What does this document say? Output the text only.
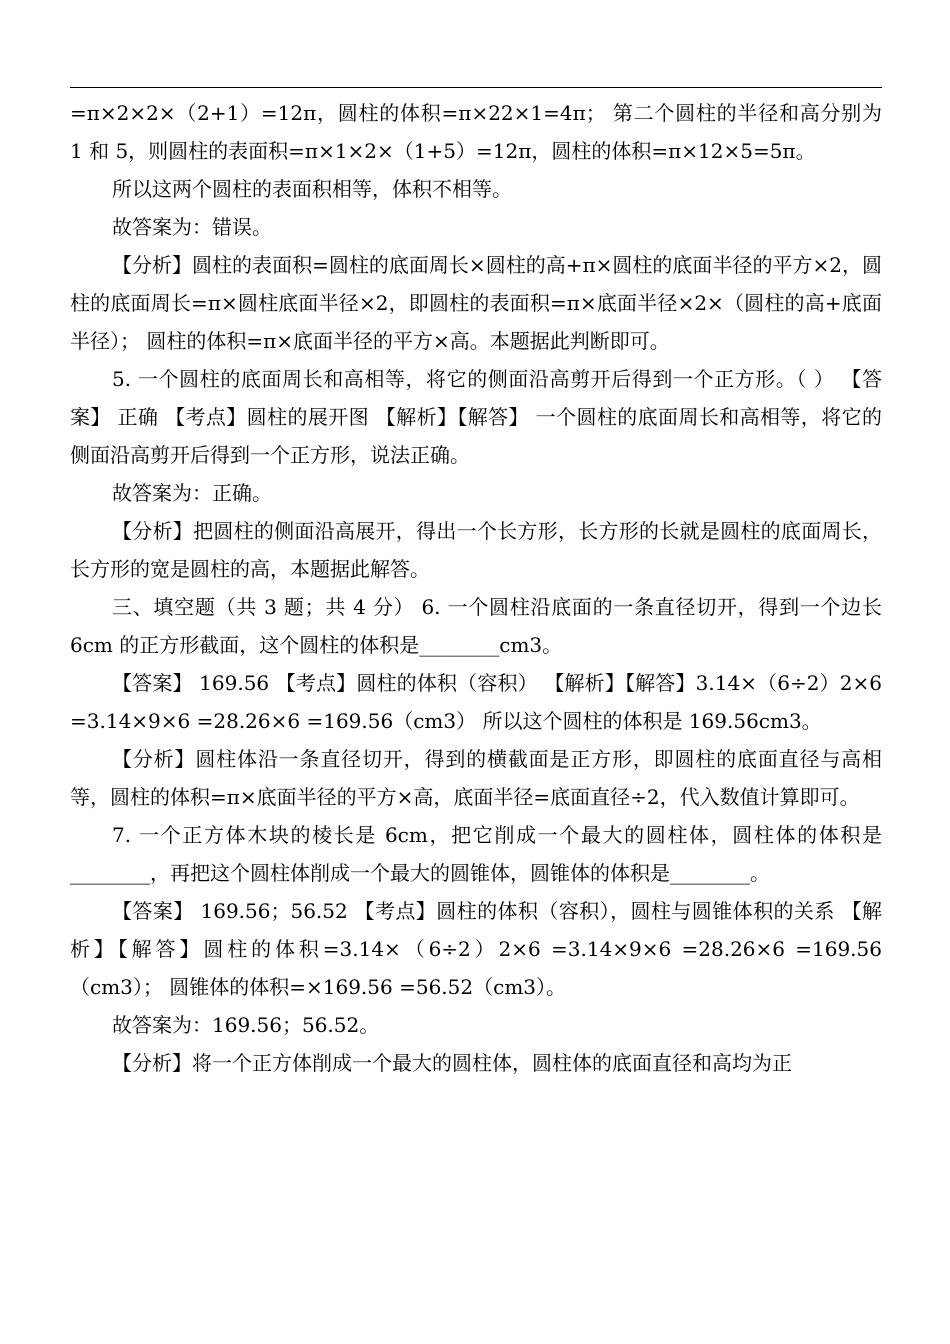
=π×2×2×（2+1）=12π，圆柱的体积=π×22×1=4π； 第二个圆柱的半径和高分别为 1 和 5，则圆柱的表面积=π×1×2×（1+5）=12π，圆柱的体积=π×12×5=5π。

所以这两个圆柱的表面积相等，体积不相等。

故答案为：错误。

【分析】圆柱的表面积=圆柱的底面周长×圆柱的高+π×圆柱的底面半径的平方×2，圆柱的底面周长=π×圆柱底面半径×2，即圆柱的表面积=π×底面半径×2×（圆柱的高+底面半径）； 圆柱的体积=π×底面半径的平方×高。本题据此判断即可。

5. 一个圆柱的底面周长和高相等，将它的侧面沿高剪开后得到一个正方形。（ ） 【答案】 正确 【考点】圆柱的展开图 【解析】【解答】 一个圆柱的底面周长和高相等，将它的侧面沿高剪开后得到一个正方形，说法正确。

故答案为：正确。

【分析】把圆柱的侧面沿高展开，得出一个长方形，长方形的长就是圆柱的底面周长，长方形的宽是圆柱的高，本题据此解答。

三、填空题（共 3 题；共 4 分） 6. 一个圆柱沿底面的一条直径切开，得到一个边长 6cm 的正方形截面，这个圆柱的体积是________cm3。

【答案】 169.56 【考点】圆柱的体积（容积） 【解析】【解答】3.14×（6÷2）2×6 =3.14×9×6 =28.26×6 =169.56（cm3） 所以这个圆柱的体积是 169.56cm3。

【分析】圆柱体沿一条直径切开，得到的横截面是正方形，即圆柱的底面直径与高相等，圆柱的体积=π×底面半径的平方×高，底面半径=底面直径÷2，代入数值计算即可。

7. 一个正方体木块的棱长是 6cm，把它削成一个最大的圆柱体，圆柱体的体积是________，再把这个圆柱体削成一个最大的圆锥体，圆锥体的体积是________。

【答案】 169.56；56.52 【考点】圆柱的体积（容积），圆柱与圆锥体积的关系 【解析】【解答】圆柱的体积=3.14×（6÷2）2×6 =3.14×9×6 =28.26×6 =169.56（cm3）； 圆锥体的体积=×169.56 =56.52（cm3）。

故答案为：169.56；56.52。

【分析】将一个正方体削成一个最大的圆柱体，圆柱体的底面直径和高均为正
